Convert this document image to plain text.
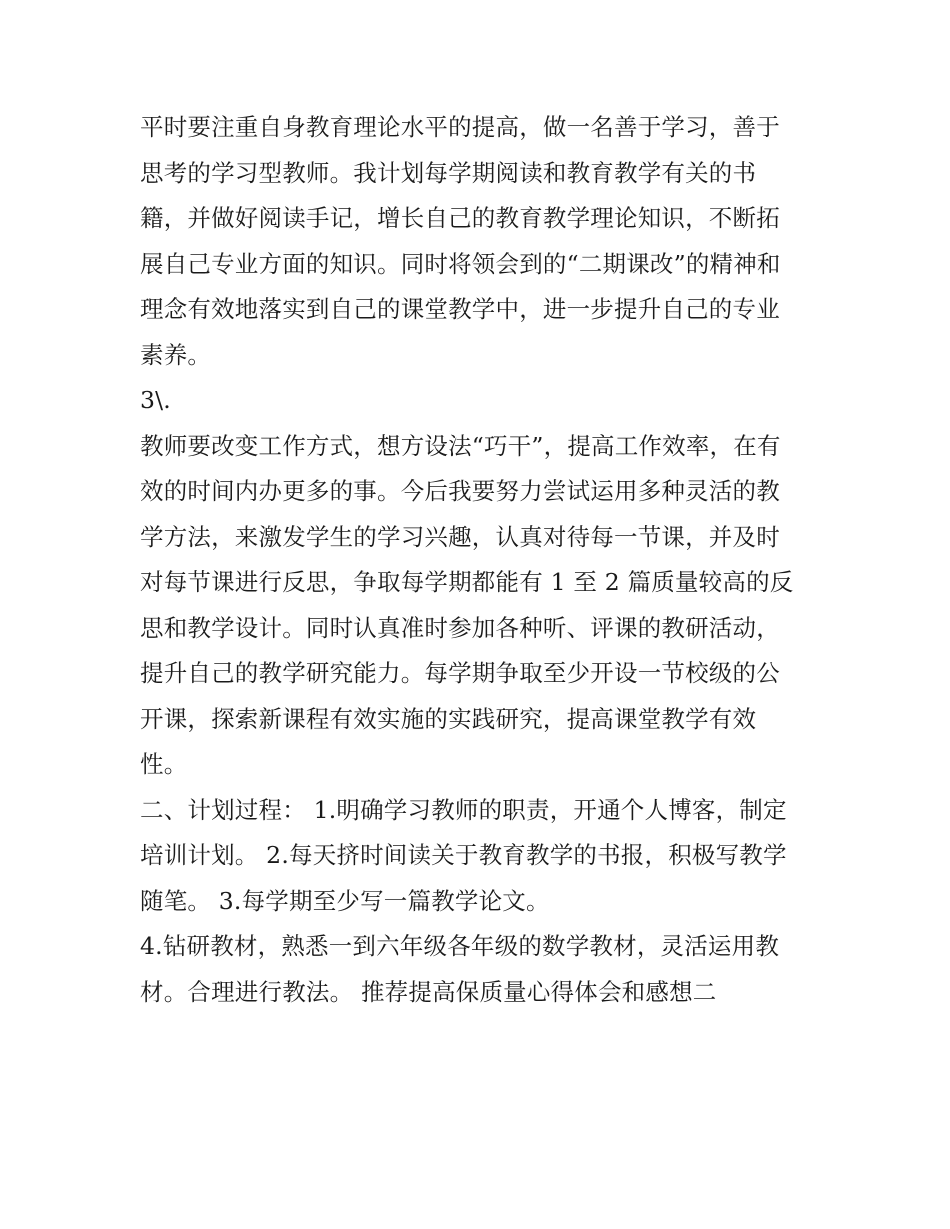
平时要注重自身教育理论水平的提高，做一名善于学习，善于
思考的学习型教师。我计划每学期阅读和教育教学有关的书
籍，并做好阅读手记，增长自己的教育教学理论知识，不断拓
展自己专业方面的知识。同时将领会到的“二期课改”的精神和
理念有效地落实到自己的课堂教学中，进一步提升自己的专业
素养。
3\.
教师要改变工作方式，想方设法“巧干”，提高工作效率，在有
效的时间内办更多的事。今后我要努力尝试运用多种灵活的教
学方法，来激发学生的学习兴趣，认真对待每一节课，并及时
对每节课进行反思，争取每学期都能有 1 至 2 篇质量较高的反
思和教学设计。同时认真准时参加各种听、评课的教研活动，
提升自己的教学研究能力。每学期争取至少开设一节校级的公
开课，探索新课程有效实施的实践研究，提高课堂教学有效
性。
二、计划过程： 1.明确学习教师的职责，开通个人博客，制定
培训计划。 2.每天挤时间读关于教育教学的书报，积极写教学
随笔。 3.每学期至少写一篇教学论文。
4.钻研教材，熟悉一到六年级各年级的数学教材，灵活运用教
材。合理进行教法。 推荐提高保质量心得体会和感想二
